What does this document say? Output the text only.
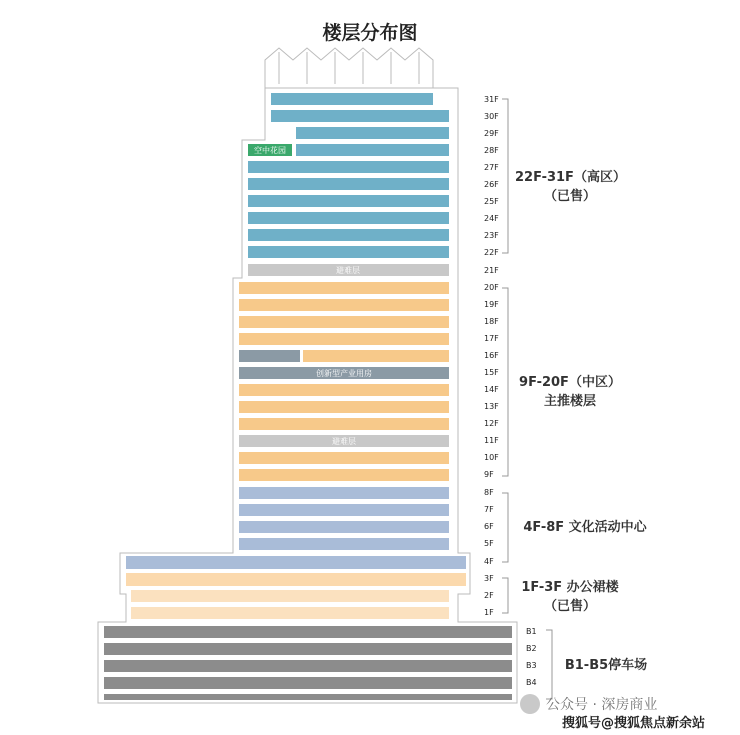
楼层分布图
空中花园
避难层
创新型产业用房
避难层
31F
30F
29F
28F
27F
26F
25F
24F
23F
22F
21F
20F
19F
18F
17F
16F
15F
14F
13F
12F
11F
10F
9F
8F
7F
6F
5F
4F
3F
2F
1F
B1
B2
B3
B4
22F-31F（高区）
（已售）
9F-20F（中区）
主推楼层
4F-8F 文化活动中心
1F-3F 办公裙楼
（已售）
B1-B5停车场
公众号 · 深房商业
搜狐号@搜狐焦点新余站
